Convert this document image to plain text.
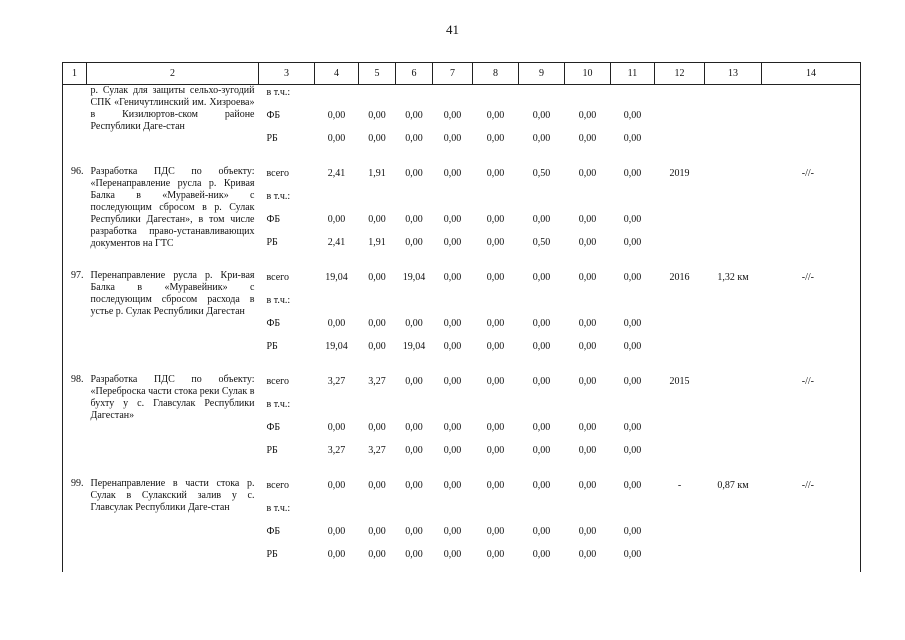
41
1	2	3	4	5	6	7	8	9	10	11	12	13	14
	р. Сулак для защиты сельхо-зугодий СПК «Геничутлинский им. Хизроева» в Кизилюртов-ском районе Республики Даге-стан	в т.ч.:											
		ФБ	0,00	0,00	0,00	0,00	0,00	0,00	0,00	0,00			
		РБ	0,00	0,00	0,00	0,00	0,00	0,00	0,00	0,00			

96.	Разработка ПДС по объекту: «Перенаправление русла р. Кривая Балка в «Муравей-ник» с последующим сбросом в р. Сулак Республики Дагестан», в том числе разработка право-устанавливающих документов на ГТС	всего	2,41	1,91	0,00	0,00	0,00	0,50	0,00	0,00	2019		-//-
		в т.ч.:											
		ФБ	0,00	0,00	0,00	0,00	0,00	0,00	0,00	0,00			
		РБ	2,41	1,91	0,00	0,00	0,00	0,50	0,00	0,00			

97.	Перенаправление русла р. Кри-вая Балка в «Муравейник» с последующим сбросом расхода в устье р. Сулак Республики Дагестан	всего	19,04	0,00	19,04	0,00	0,00	0,00	0,00	0,00	2016	1,32 км	-//-
		в т.ч.:											
		ФБ	0,00	0,00	0,00	0,00	0,00	0,00	0,00	0,00			
		РБ	19,04	0,00	19,04	0,00	0,00	0,00	0,00	0,00			

98.	Разработка ПДС по объекту: «Переброска части стока реки Сулак в бухту у с. Главсулак Республики Дагестан»	всего	3,27	3,27	0,00	0,00	0,00	0,00	0,00	0,00	2015		-//-
		в т.ч.:											
		ФБ	0,00	0,00	0,00	0,00	0,00	0,00	0,00	0,00			
		РБ	3,27	3,27	0,00	0,00	0,00	0,00	0,00	0,00			

99.	Перенаправление в части стока р. Сулак в Сулакский залив у с. Главсулак Республики Даге-стан	всего	0,00	0,00	0,00	0,00	0,00	0,00	0,00	0,00	-	0,87 км	-//-
		в т.ч.:											
		ФБ	0,00	0,00	0,00	0,00	0,00	0,00	0,00	0,00			
		РБ	0,00	0,00	0,00	0,00	0,00	0,00	0,00	0,00			
